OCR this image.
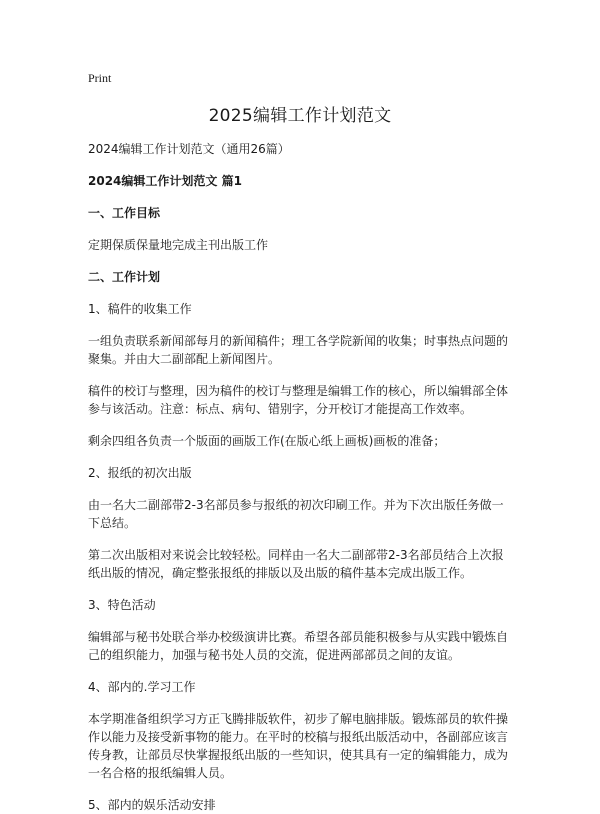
Print
2025编辑工作计划范文

2024编辑工作计划范文（通用26篇）

2024编辑工作计划范文 篇1

一、工作目标

定期保质保量地完成主刊出版工作

二、工作计划

1、稿件的收集工作

一组负责联系新闻部每月的新闻稿件；理工各学院新闻的收集；时事热点问题的聚集。并由大二副部配上新闻图片。

稿件的校订与整理，因为稿件的校订与整理是编辑工作的核心，所以编辑部全体参与该活动。注意：标点、病句、错别字，分开校订才能提高工作效率。

剩余四组各负责一个版面的画版工作(在版心纸上画板)画板的准备；

2、报纸的初次出版

由一名大二副部带2-3名部员参与报纸的初次印刷工作。并为下次出版任务做一下总结。

第二次出版相对来说会比较轻松。同样由一名大二副部带2-3名部员结合上次报纸出版的情况，确定整张报纸的排版以及出版的稿件基本完成出版工作。

3、特色活动

编辑部与秘书处联合举办校级演讲比赛。希望各部员能积极参与从实践中锻炼自己的组织能力，加强与秘书处人员的交流，促进两部部员之间的友谊。

4、部内的.学习工作

本学期准备组织学习方正飞腾排版软件，初步了解电脑排版。锻炼部员的软件操作以能力及接受新事物的能力。在平时的校稿与报纸出版活动中，各副部应该言传身教，让部员尽快掌握报纸出版的一些知识，使其具有一定的编辑能力，成为一名合格的报纸编辑人员。

5、部内的娱乐活动安排
